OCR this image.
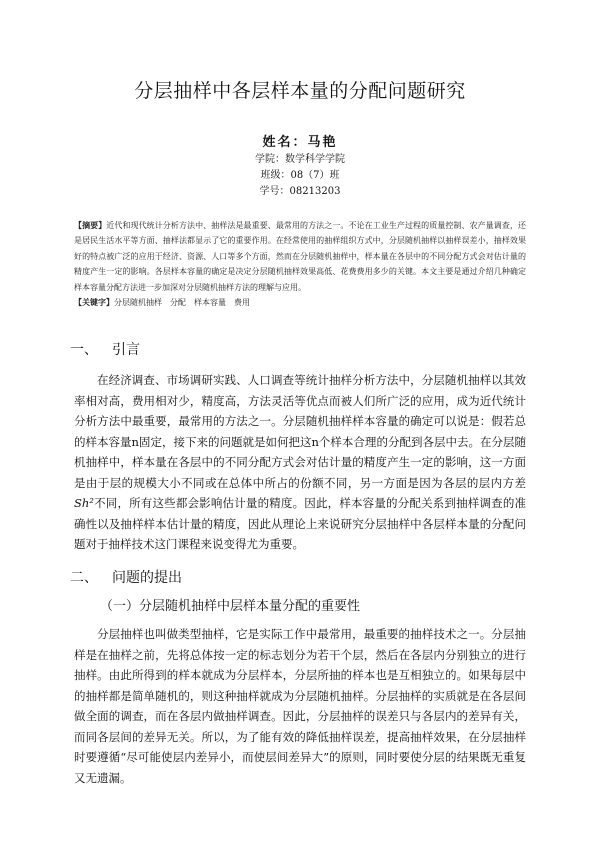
分层抽样中各层样本量的分配问题研究
姓名：马艳
学院：数学科学学院
班级：08（7）班
学号：08213203
【摘要】近代和现代统计分析方法中、抽样法是最重要、最常用的方法之一。不论在工业生产过程的质量控制、农产量调查，还是居民生活水平等方面、抽样法都显示了它的重要作用。在经常使用的抽样组织方式中，分层随机抽样以抽样误差小，抽样效果好的特点被广泛的应用于经济、资源、人口等多个方面，然而在分层随机抽样中，样本量在各层中的不同分配方式会对估计量的精度产生一定的影响。各层样本容量的确定是决定分层随机抽样效果高低、花费费用多少的关键。本文主要是通过介绍几种确定样本容量分配方法进一步加深对分层随机抽样方法的理解与应用。
【关键字】分层随机抽样　分配　样本容量　费用
一、 引言

在经济调查、市场调研实践、人口调查等统计抽样分析方法中，分层随机抽样以其效率相对高，费用相对少，精度高，方法灵活等优点而被人们所广泛的应用，成为近代统计分析方法中最重要，最常用的方法之一。分层随机抽样样本容量的确定可以说是：假若总的样本容量n固定，接下来的问题就是如何把这n个样本合理的分配到各层中去。在分层随机抽样中，样本量在各层中的不同分配方式会对估计量的精度产生一定的影响，这一方面是由于层的规模大小不同或在总体中所占的份额不同，另一方面是因为各层的层内方差Sh²不同，所有这些都会影响估计量的精度。因此，样本容量的分配关系到抽样调查的准确性以及抽样样本估计量的精度，因此从理论上来说研究分层抽样中各层样本量的分配问题对于抽样技术这门课程来说变得尤为重要。

二、 问题的提出
（一）分层随机抽样中层样本量分配的重要性

分层抽样也叫做类型抽样，它是实际工作中最常用，最重要的抽样技术之一。分层抽样是在抽样之前，先将总体按一定的标志划分为若干个层，然后在各层内分别独立的进行抽样。由此所得到的样本就成为分层样本，分层所抽的样本也是互相独立的。如果每层中的抽样都是简单随机的，则这种抽样就成为分层随机抽样。分层抽样的实质就是在各层间做全面的调查，而在各层内做抽样调查。因此，分层抽样的误差只与各层内的差异有关，而同各层间的差异无关。所以，为了能有效的降低抽样误差，提高抽样效果，在分层抽样时要遵循“尽可能使层内差异小，而使层间差异大”的原则，同时要使分层的结果既无重复又无遗漏。
